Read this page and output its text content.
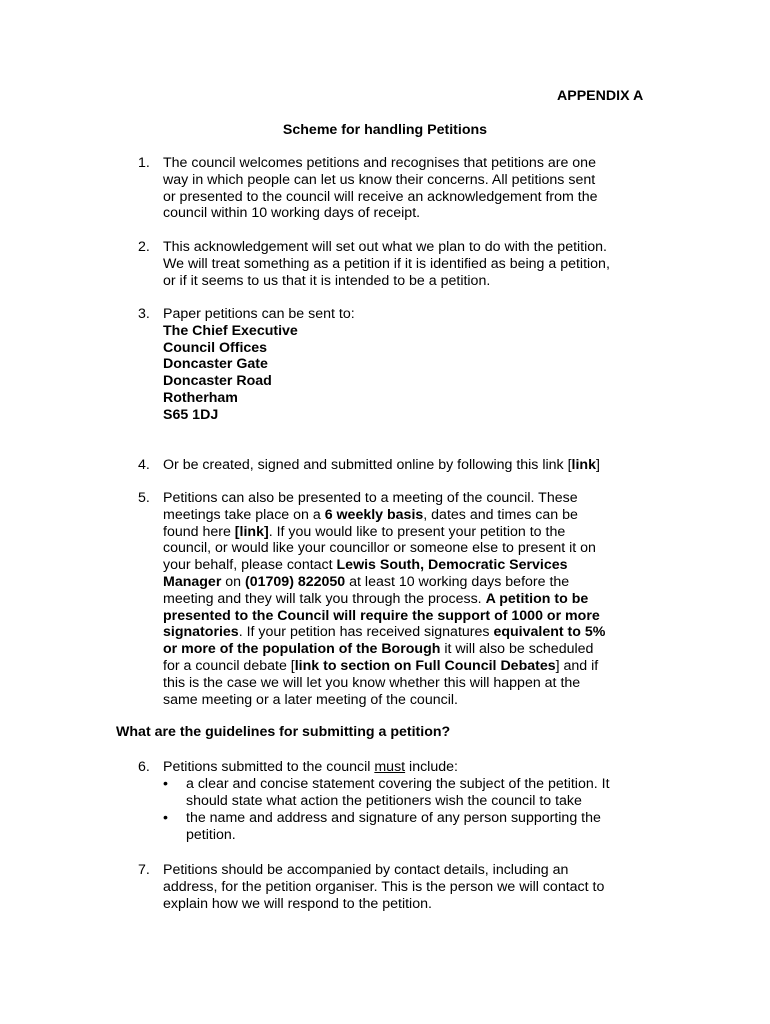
APPENDIX A
Scheme for handling Petitions
1. The council welcomes petitions and recognises that petitions are one
way in which people can let us know their concerns. All petitions sent
or presented to the council will receive an acknowledgement from the
council within 10 working days of receipt.
2. This acknowledgement will set out what we plan to do with the petition.
We will treat something as a petition if it is identified as being a petition,
or if it seems to us that it is intended to be a petition.
3. Paper petitions can be sent to:
The Chief Executive
Council Offices
Doncaster Gate
Doncaster Road
Rotherham
S65 1DJ
4. Or be created, signed and submitted online by following this link [link]
5. Petitions can also be presented to a meeting of the council. These
meetings take place on a 6 weekly basis, dates and times can be
found here [link]. If you would like to present your petition to the
council, or would like your councillor or someone else to present it on
your behalf, please contact Lewis South, Democratic Services
Manager on (01709) 822050 at least 10 working days before the
meeting and they will talk you through the process. A petition to be
presented to the Council will require the support of 1000 or more
signatories. If your petition has received signatures equivalent to 5%
or more of the population of the Borough it will also be scheduled
for a council debate [link to section on Full Council Debates] and if
this is the case we will let you know whether this will happen at the
same meeting or a later meeting of the council.
What are the guidelines for submitting a petition?
6. Petitions submitted to the council must include:
• a clear and concise statement covering the subject of the petition. It
should state what action the petitioners wish the council to take
• the name and address and signature of any person supporting the
petition.
7. Petitions should be accompanied by contact details, including an
address, for the petition organiser. This is the person we will contact to
explain how we will respond to the petition.
